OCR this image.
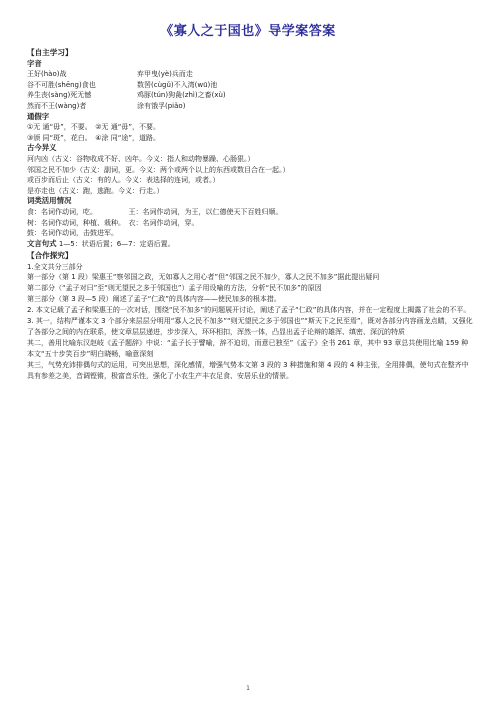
《寡人之于国也》导学案答案
【自主学习】
字音
王好(hào)战	弃甲曳(yè)兵而走
谷不可胜(shēng)食也	数罟(cùgǔ)不入湾(wū)池
养生丧(sàng)死无憾	鸡豚(tún)狗彘(zhì)之畜(xù)
然而不王(wàng)者	涂有饿孚(piǎo)
通假字
①无 通“毋”，不要。　②无 通“毋”，不要。
③颁 同“斑”，花白。　④涂 同“途”，道路。
古今异义
河内凶（古义：谷物收成不好、凶年。今义：指人和动物暴躁、心肠狠。）
邻国之民不加少（古义：副词，更。今义：两个或两个以上的东西或数目合在一起。）
或百步而后止（古义：有的人。今义：表选择的连词，或者。）
是亦走也（古义：跑，逃跑。今义：行走。）
词类活用情况
食：名词作动词，吃。　　　　　王：名词作动词，为王，以仁德使天下百姓归顺。
树：名词作动词，种植、栽种。　衣：名词作动词，穿。
鼓：名词作动词，击鼓进军。
文言句式 1—5：状语后置；6—7：定语后置。
【合作探究】
1.全文共分三部分
第一部分（第 1 段）梁惠王“察邻国之政，无如寡人之用心者”但“邻国之民不加少，寡人之民不加多”据此提出疑问
第二部分（“孟子对曰”至“则无望民之多于邻国也”）孟子用设喻的方法，分析“民不加多”的原因
第三部分（第 3 段—5 段）阐述了孟子“仁政”的具体内容——使民加多的根本措。
2. 本文记载了孟子和梁惠王的一次对话，围绕“民不加多”的问题展开讨论，阐述了孟子“仁政”的具体内容，并在一定程度上揭露了社会的不平。
3. 其一，结构严谨本文 3 个部分来层层分明用“寡人之民不加多”“则无望民之多于邻国也”“斯天下之民至焉”，既对各部分内容画龙点睛，又强化了各部分之间的内在联系，使文章层层递进，步步深入，环环相扣，浑然一体，凸显出孟子论辩的雄浑、缜密、深沉的特质
其二，善用比喻东汉赵岐《孟子题辞》中说：“孟子长于譬喻，辞不迫切，而意已独至”《孟子》全书 261 章，其中 93 章总共使用比喻 159 种本文“五十步笑百步”明白晓畅，喻意深刻
其三，气势充沛排偶句式的运用，可突出思想，深化感情，增强气势本文第 3 段的 3 种措施和第 4 段的 4 种主张，全用排偶，使句式在整齐中具有参差之美，音调铿锵，极富音乐性，强化了小农生产丰衣足食、安居乐业的情景。
1
